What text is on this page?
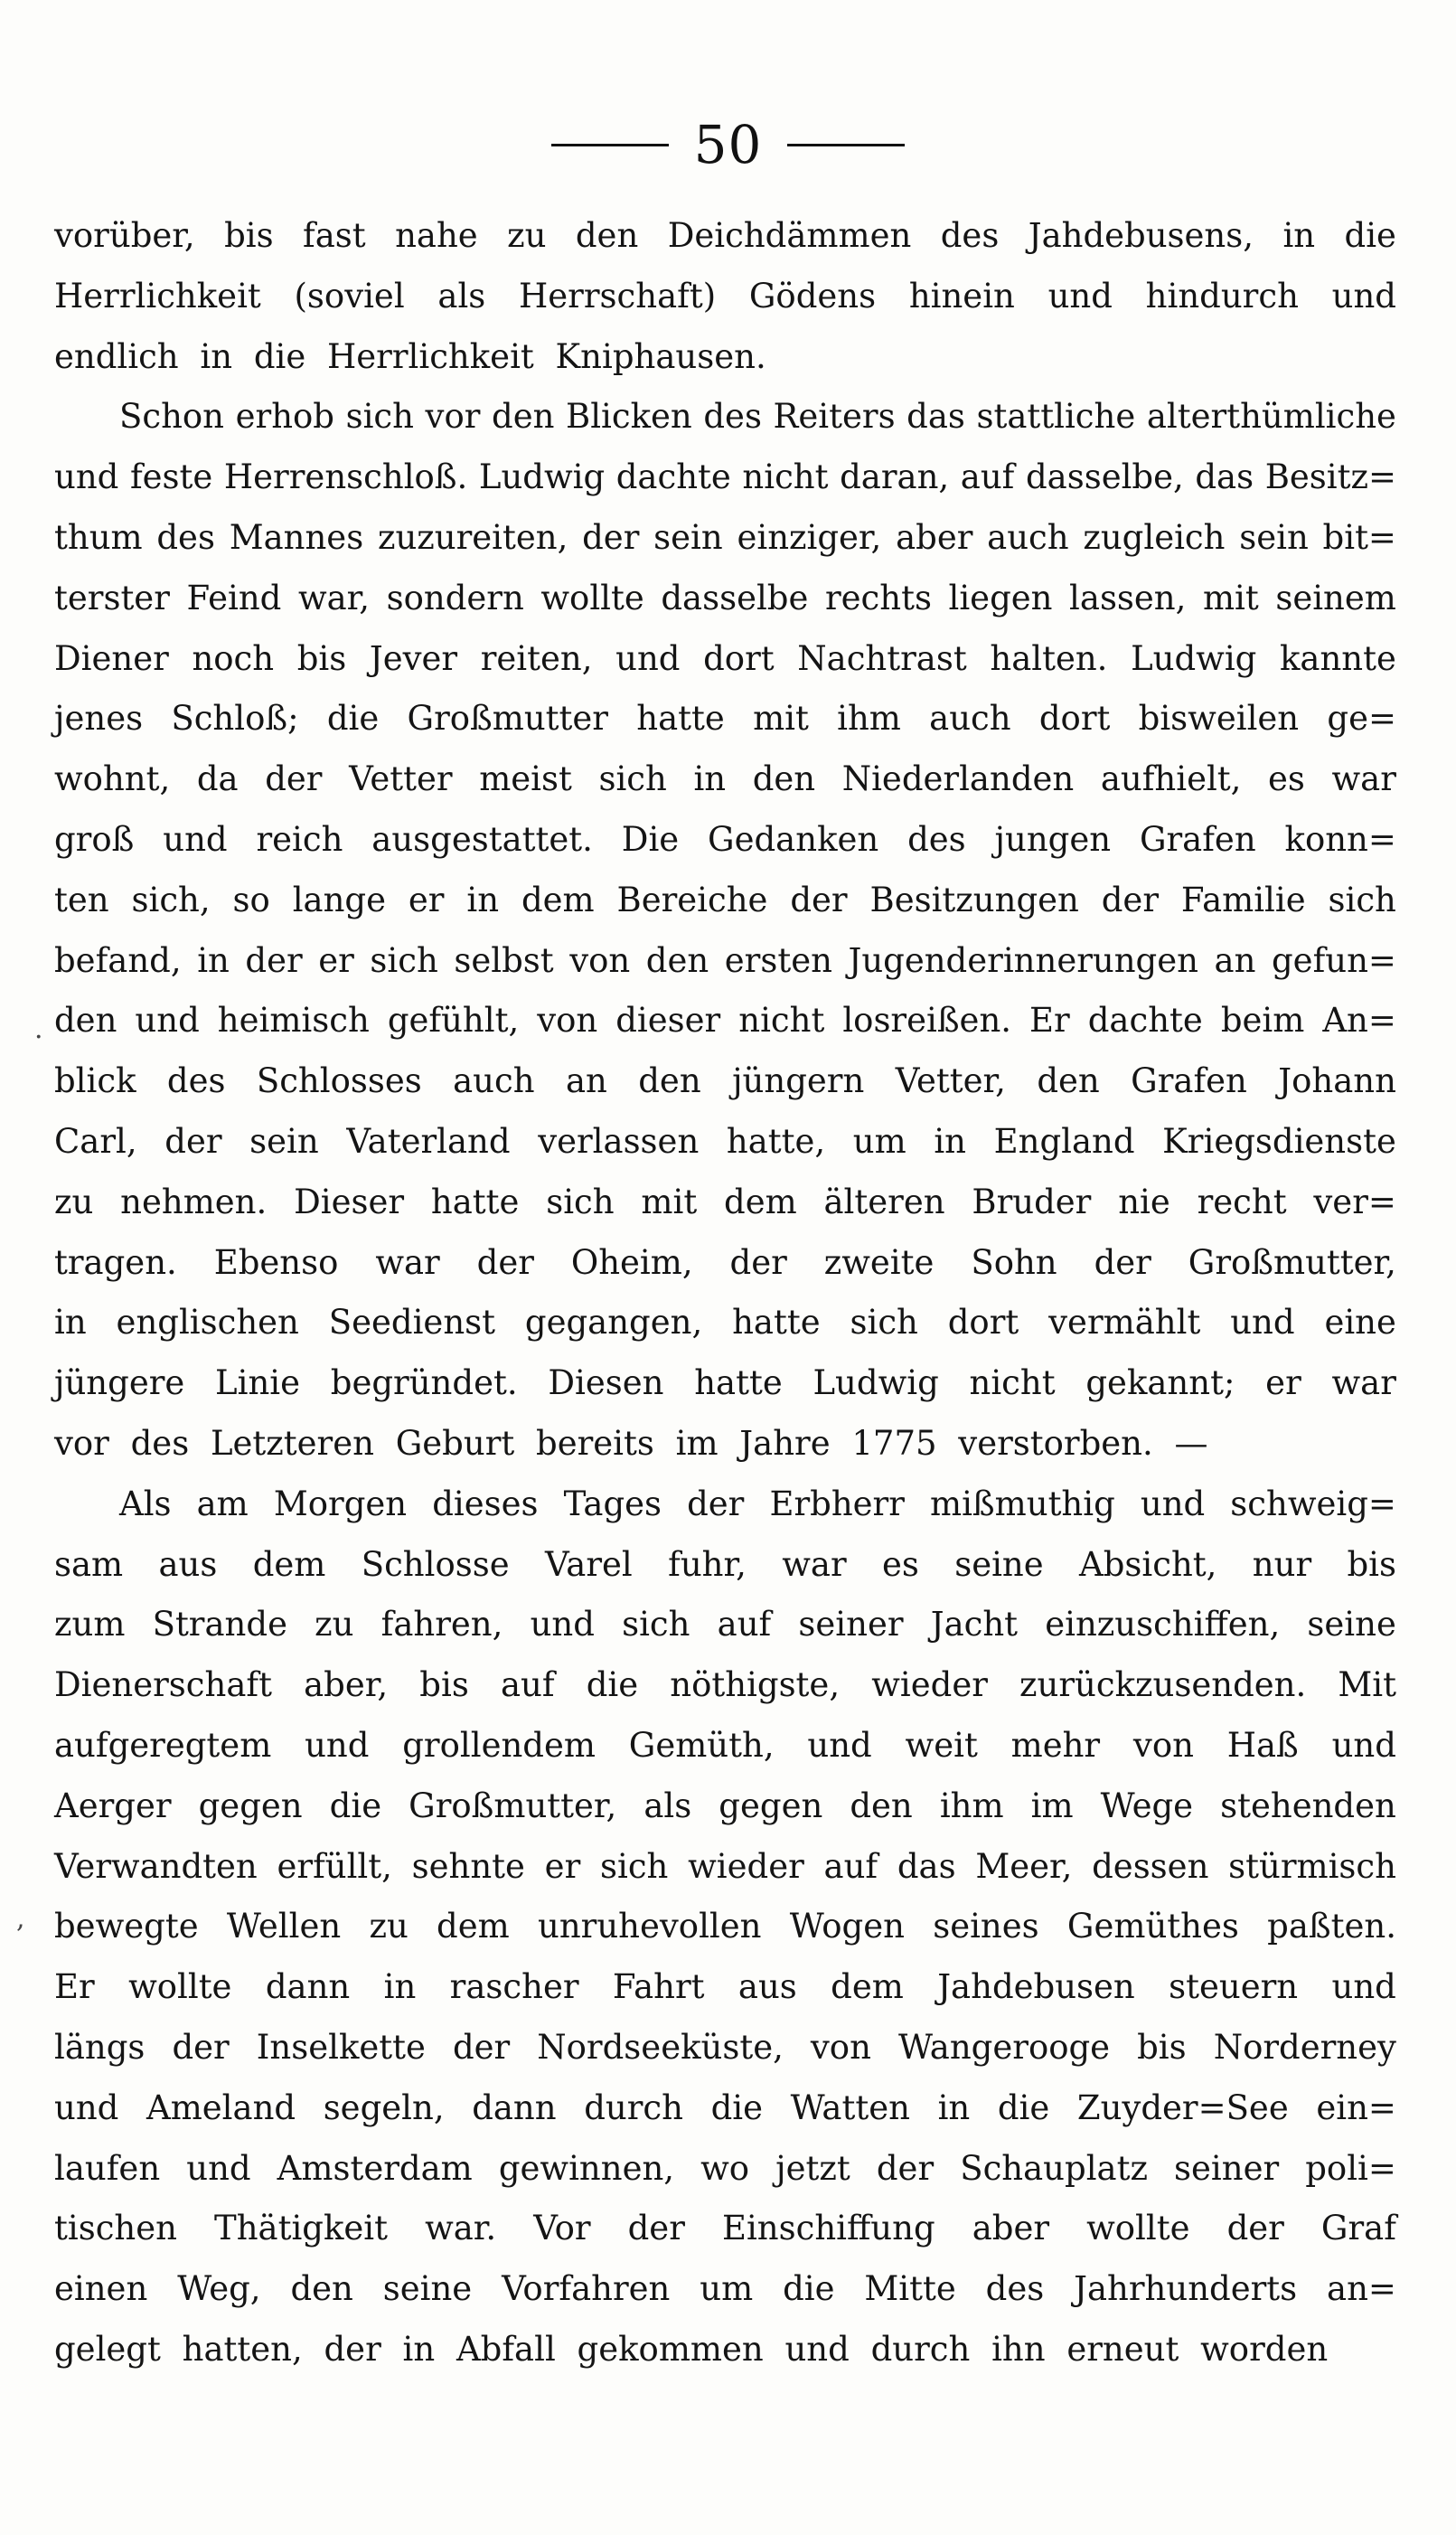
50
vorüber, bis fast nahe zu den Deichdämmen des Jahdebusens, in die
Herrlichkeit (soviel als Herrschaft) Gödens hinein und hindurch und
endlich in die Herrlichkeit Kniphausen.
Schon erhob sich vor den Blicken des Reiters das stattliche alterthümliche
und feste Herrenschloß. Ludwig dachte nicht daran, auf dasselbe, das Besitz=
thum des Mannes zuzureiten, der sein einziger, aber auch zugleich sein bit=
terster Feind war, sondern wollte dasselbe rechts liegen lassen, mit seinem
Diener noch bis Jever reiten, und dort Nachtrast halten. Ludwig kannte
jenes Schloß; die Großmutter hatte mit ihm auch dort bisweilen ge=
wohnt, da der Vetter meist sich in den Niederlanden aufhielt, es war
groß und reich ausgestattet. Die Gedanken des jungen Grafen konn=
ten sich, so lange er in dem Bereiche der Besitzungen der Familie sich
befand, in der er sich selbst von den ersten Jugenderinnerungen an gefun=
den und heimisch gefühlt, von dieser nicht losreißen. Er dachte beim An=
blick des Schlosses auch an den jüngern Vetter, den Grafen Johann
Carl, der sein Vaterland verlassen hatte, um in England Kriegsdienste
zu nehmen. Dieser hatte sich mit dem älteren Bruder nie recht ver=
tragen. Ebenso war der Oheim, der zweite Sohn der Großmutter,
in englischen Seedienst gegangen, hatte sich dort vermählt und eine
jüngere Linie begründet. Diesen hatte Ludwig nicht gekannt; er war
vor des Letzteren Geburt bereits im Jahre 1775 verstorben. —
Als am Morgen dieses Tages der Erbherr mißmuthig und schweig=
sam aus dem Schlosse Varel fuhr, war es seine Absicht, nur bis
zum Strande zu fahren, und sich auf seiner Jacht einzuschiffen, seine
Dienerschaft aber, bis auf die nöthigste, wieder zurückzusenden. Mit
aufgeregtem und grollendem Gemüth, und weit mehr von Haß und
Aerger gegen die Großmutter, als gegen den ihm im Wege stehenden
Verwandten erfüllt, sehnte er sich wieder auf das Meer, dessen stürmisch
bewegte Wellen zu dem unruhevollen Wogen seines Gemüthes paßten.
Er wollte dann in rascher Fahrt aus dem Jahdebusen steuern und
längs der Inselkette der Nordseeküste, von Wangerooge bis Norderney
und Ameland segeln, dann durch die Watten in die Zuyder=See ein=
laufen und Amsterdam gewinnen, wo jetzt der Schauplatz seiner poli=
tischen Thätigkeit war. Vor der Einschiffung aber wollte der Graf
einen Weg, den seine Vorfahren um die Mitte des Jahrhunderts an=
gelegt hatten, der in Abfall gekommen und durch ihn erneut worden
·
,
